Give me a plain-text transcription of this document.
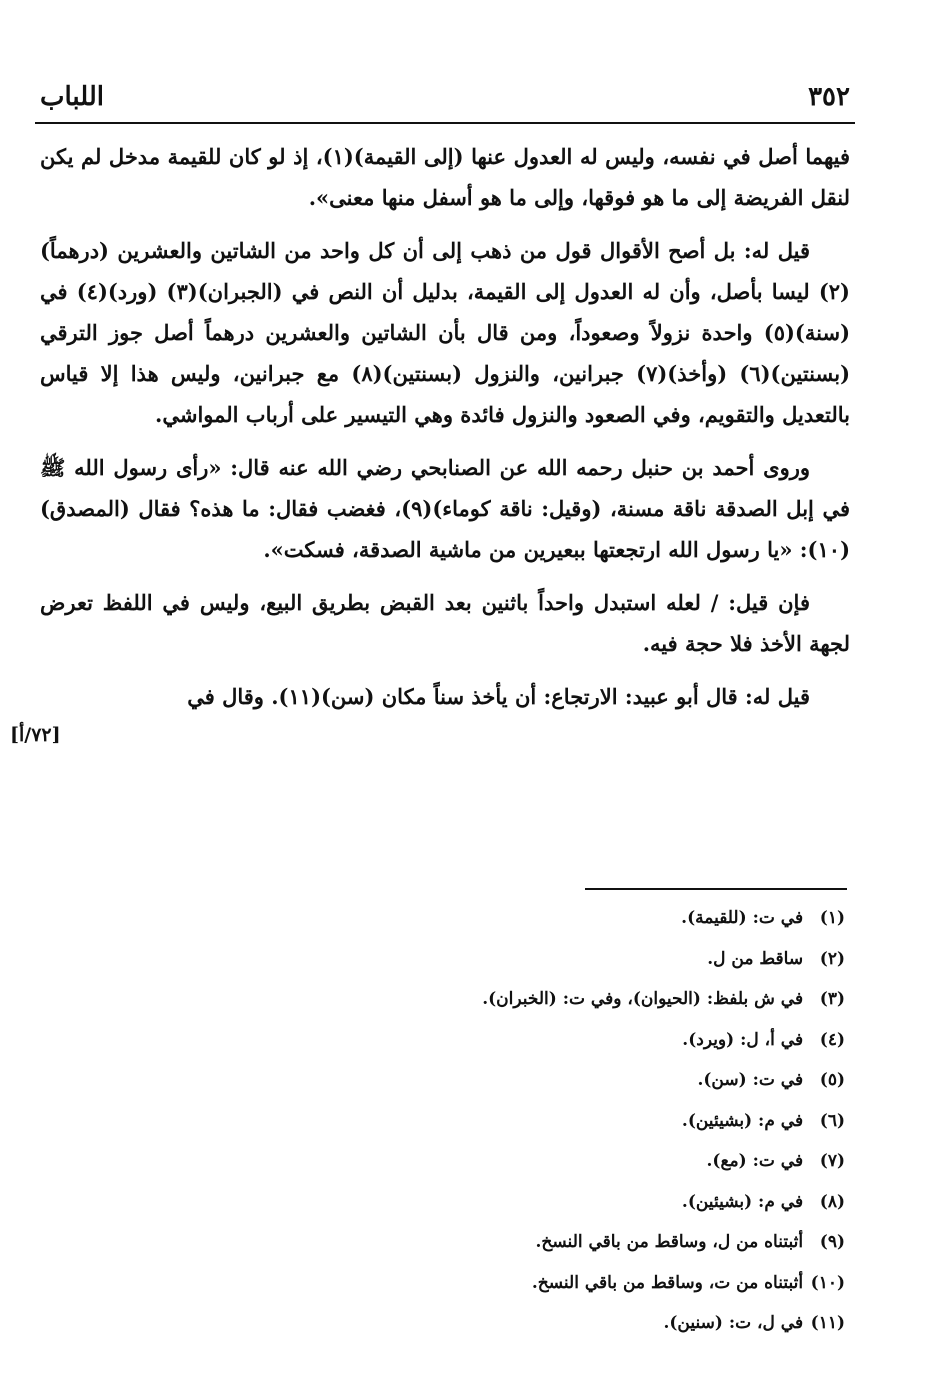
٣٥٢
اللباب

فيهما أصل في نفسه، وليس له العدول عنها (إلى القيمة)(١)، إذ لو كان للقيمة مدخل لم يكن لنقل الفريضة إلى ما هو فوقها، وإلى ما هو أسفل منها معنى».

قيل له: بل أصح الأقوال قول من ذهب إلى أن كل واحد من الشاتين والعشرين (درهماً)(٢) ليسا بأصل، وأن له العدول إلى القيمة، بدليل أن النص في (الجبران)(٣) (ورد)(٤) في (سنة)(٥) واحدة نزولاً وصعوداً، ومن قال بأن الشاتين والعشرين درهماً أصل جوز الترقي (بسنتين)(٦) (وأخذ)(٧) جبرانين، والنزول (بسنتين)(٨) مع جبرانين، وليس هذا إلا قياس بالتعديل والتقويم، وفي الصعود والنزول فائدة وهي التيسير على أرباب المواشي.

وروى أحمد بن حنبل رحمه الله عن الصنابحي رضي الله عنه قال: «رأى رسول الله ﷺ في إبل الصدقة ناقة مسنة، (وقيل: ناقة كوماء)(٩)، فغضب فقال: ما هذه؟ فقال (المصدق)(١٠): «يا رسول الله ارتجعتها ببعيرين من ماشية الصدقة، فسكت».

فإن قيل: / لعله استبدل واحداً باثنين بعد القبض بطريق البيع، وليس في اللفظ تعرض لجهة الأخذ فلا حجة فيه.

قيل له: قال أبو عبيد: الارتجاع: أن يأخذ سناً مكان (سن)(١١). وقال في

[٧٢/أ]
(١) في ت: (للقيمة).
(٢) ساقط من ل.
(٣) في ش بلفظ: (الحيوان)، وفي ت: (الخبران).
(٤) في أ، ل: (ويرد).
(٥) في ت: (سن).
(٦) في م: (بشيئين).
(٧) في ت: (مع).
(٨) في م: (بشيئين).
(٩) أثبتناه من ل، وساقط من باقي النسخ.
(١٠) أثبتناه من ت، وساقط من باقي النسخ.
(١١) في ل، ت: (سنين).
